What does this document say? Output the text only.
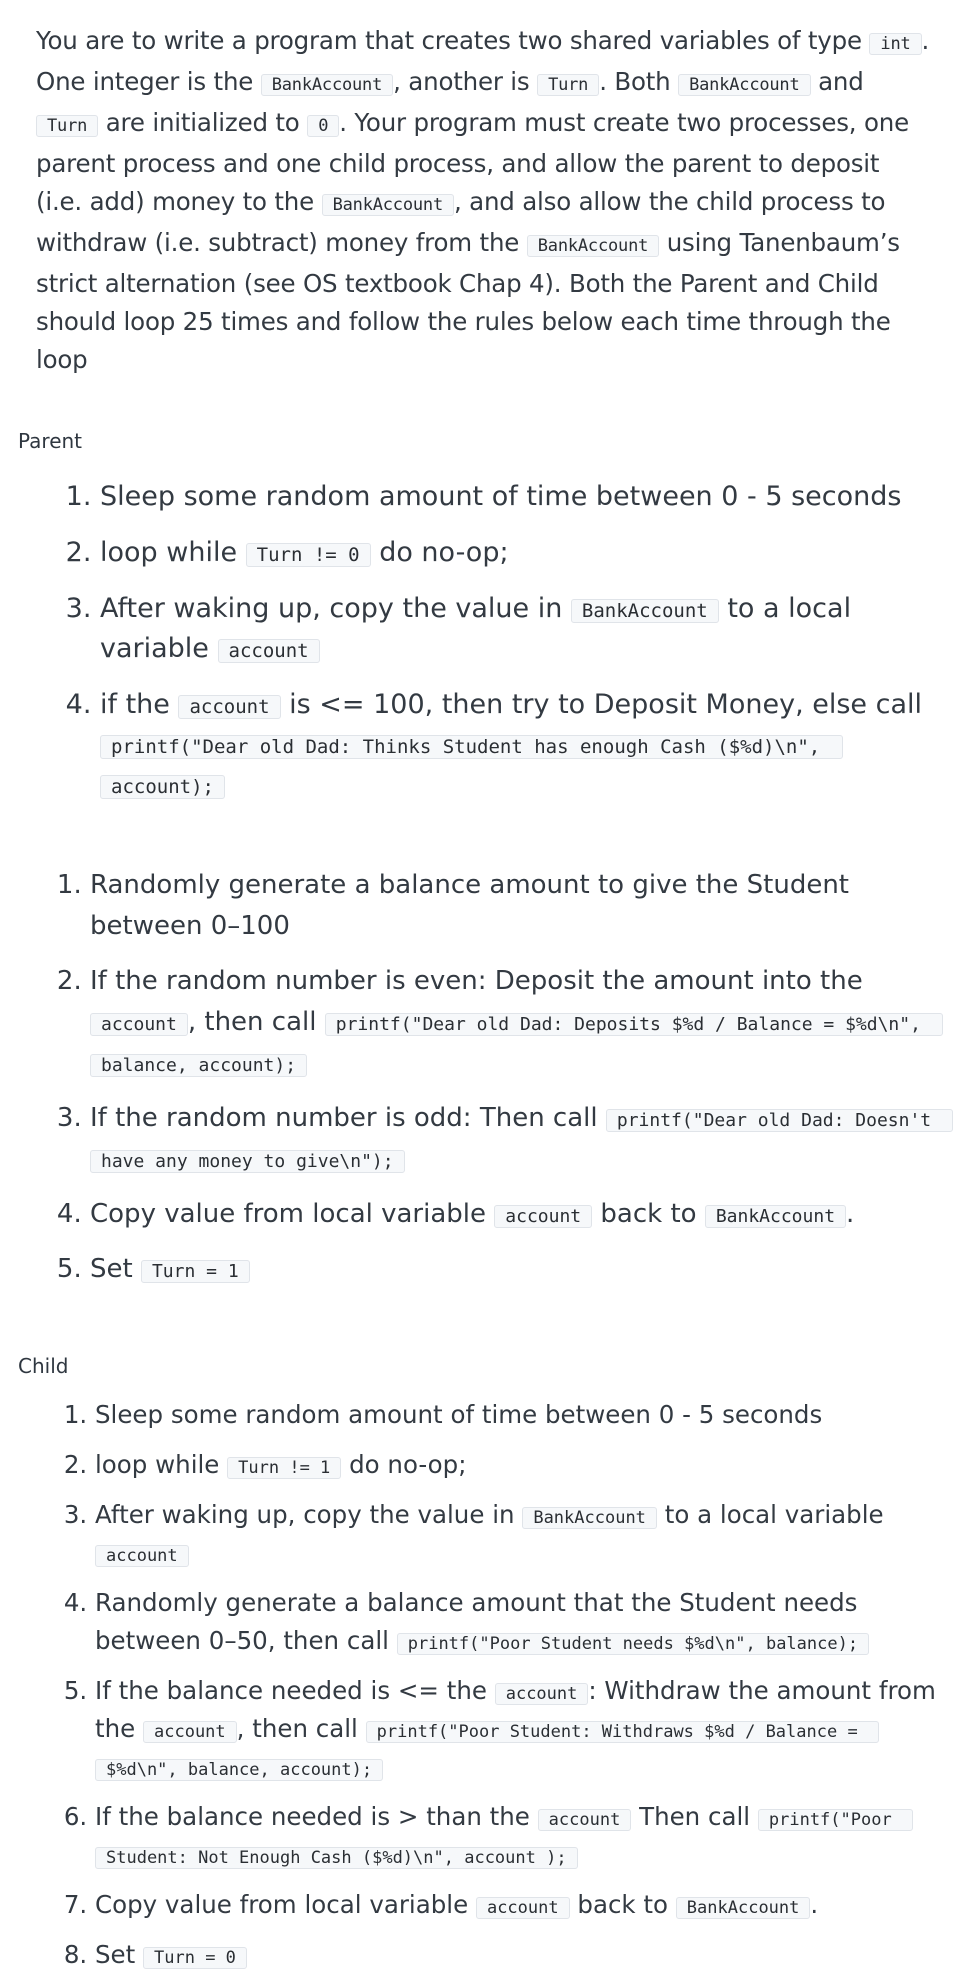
You are to write a program that creates two shared variables of type int . One integer is the BankAccount , another is Turn . Both BankAccount and Turn are initialized to 0 . Your program must create two processes, one parent process and one child process, and allow the parent to deposit (i.e. add) money to the BankAccount , and also allow the child process to withdraw (i.e. subtract) money from the BankAccount using Tanenbaum’s strict alternation (see OS textbook Chap 4). Both the Parent and Child should loop 25 times and follow the rules below each time through the loop

Parent
1. Sleep some random amount of time between 0 - 5 seconds
2. loop while Turn != 0 do no-op;
3. After waking up, copy the value in BankAccount to a local variable account
4. if the account is <= 100, then try to Deposit Money, else call printf("Dear old Dad: Thinks Student has enough Cash ($%d)\n", account);
1. Randomly generate a balance amount to give the Student between 0–100
2. If the random number is even: Deposit the amount into the account , then call printf("Dear old Dad: Deposits $%d / Balance = $%d\n", balance, account);
3. If the random number is odd: Then call printf("Dear old Dad: Doesn't have any money to give\n");
4. Copy value from local variable account back to BankAccount .
5. Set Turn = 1
Child
1. Sleep some random amount of time between 0 - 5 seconds
2. loop while Turn != 1 do no-op;
3. After waking up, copy the value in BankAccount to a local variable account
4. Randomly generate a balance amount that the Student needs between 0–50, then call printf("Poor Student needs $%d\n", balance);
5. If the balance needed is <= the account : Withdraw the amount from the account , then call printf("Poor Student: Withdraws $%d / Balance = $%d\n", balance, account);
6. If the balance needed is > than the account Then call printf("Poor Student: Not Enough Cash ($%d)\n", account );
7. Copy value from local variable account back to BankAccount .
8. Set Turn = 0
